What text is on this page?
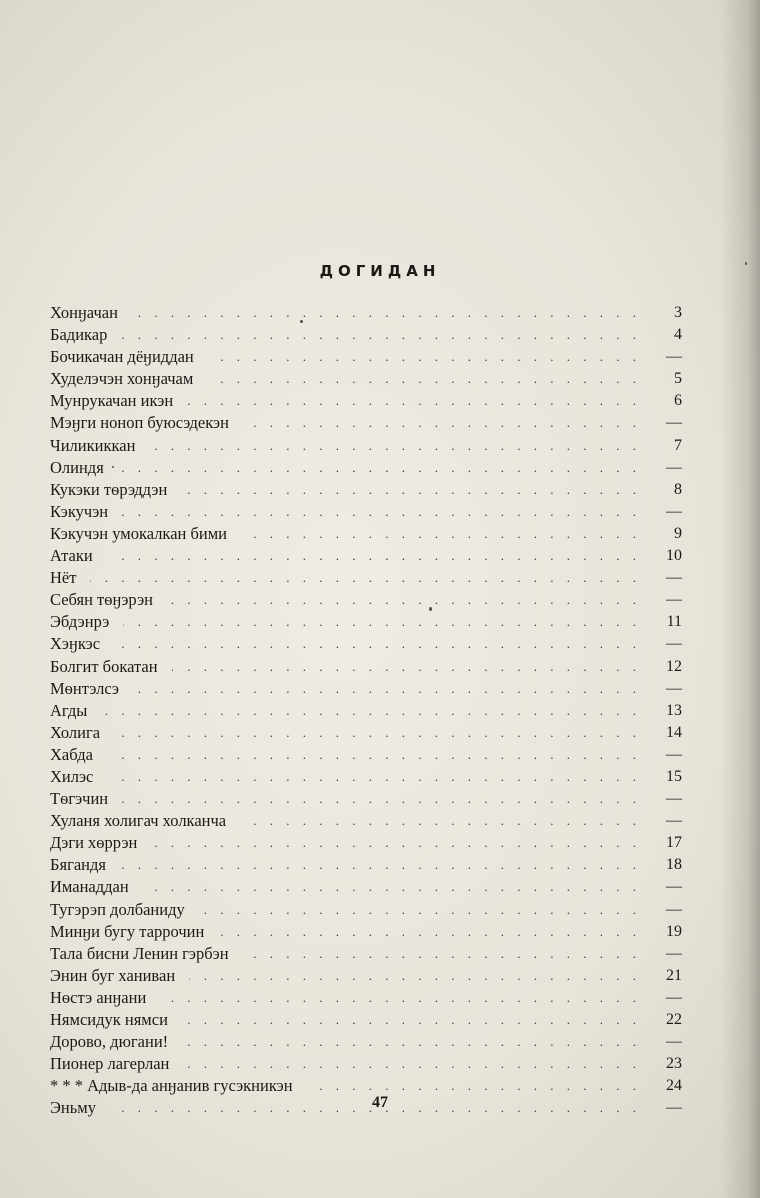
ДОГИДАН
. . .
Хонӈачан	3
. . .
Бадикар	4
. . .
Бочикачан дёӈиддан	—
. . .
Худелэчэн хонӈачам	5
. . .
Мунрукачан икэн	6
. . .
Мэӈги ноноп буюсэдекэн	—
. . .
Чиликиккан	7
. . .
Олиндя	—
. . .
Кукэки тѳрэддэн	8
. . .
Кэкучэн	—
. . .
Кэкучэн умокалкан бими	9
. . .
Атаки	10
. . .
Нёт	—
. . .
Себян тѳӈэрэн	—
. . .
Эбдэнрэ	11
. . .
Хэӈкэс	—
. . .
Болгит бокатан	12
. . .
Мѳнтэлсэ	—
. . .
Агды	13
. . .
Холига	14
. . .
Хабда	—
. . .
Хилэс	15
. . .
Тѳгэчин	—
. . .
Хуланя холигач холканча	—
. . .
Дэги хѳррэн	17
. . .
Бягандя	18
. . .
Иманаддан	—
. . .
Тугэрэп долбаниду	—
. . .
Минӈи бугу таррочин	19
. . .
Тала бисни Ленин гэрбэн	—
. . .
Энин буг ханиван	21
. . .
Нѳстэ анӈани	—
. . .
Нямсидук нямси	22
. . .
Дорово, дюгани!	—
. . .
Пионер лагерлан	23
. . .
* * * Адыв-да анӈанив гусэкникэн	24
. . .
Эньму	—
47
